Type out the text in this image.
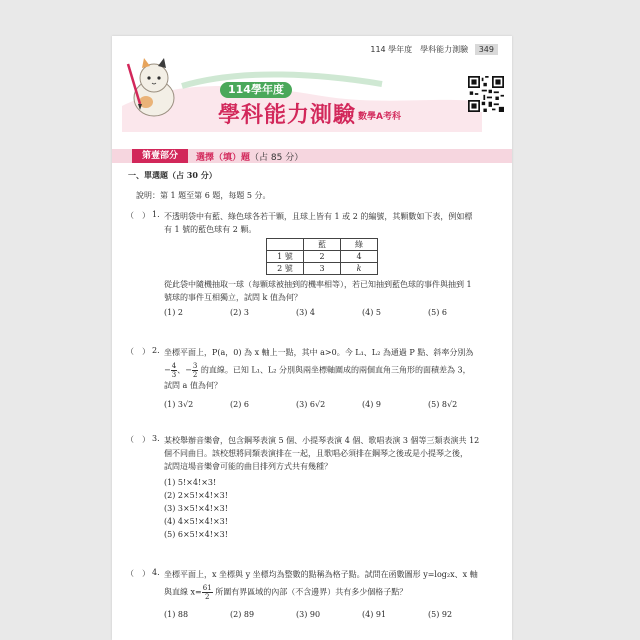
114 學年度　學科能力測驗 349
114學年度
學科能力測驗 數學A考科
第壹部分	選擇（填）題（占 85 分）
一、單選題（占 30 分）
說明：第 1 題至第 6 題，每題 5 分。
（　） 1. 不透明袋中有藍、綠色球各若干顆，且球上皆有 1 或 2 的編號，其顆數如下表，例如標
有 1 號的藍色球有 2 顆。
	藍	綠
1 號	2	4
2 號	3	k
從此袋中隨機抽取一球（每顆球被抽到的機率相等），若已知抽到藍色球的事件與抽到 1
號球的事件互相獨立，試問 k 值為何？
(1) 2	(2) 3	(3) 4	(4) 5	(5) 6
（　） 2. 坐標平面上，P(a，0) 為 x 軸上一點，其中 a>0。今 L₁、L₂ 為通過 P 點、斜率分別為
− $\frac{4}{3}$ 、− $\frac{3}{2}$ 的直線。已知 L₁、L₂ 分別與兩坐標軸圍成的兩個直角三角形的面積差為 3，
試問 a 值為何？
(1) 3√2	(2) 6	(3) 6√2	(4) 9	(5) 8√2
（　） 3. 某校舉辦音樂會，包含鋼琴表演 5 個、小提琴表演 4 個、歌唱表演 3 個等三類表演共 12
個不同曲目。該校想將同類表演排在一起，且歌唱必須排在鋼琴之後或是小提琴之後，
試問這場音樂會可能的曲目排列方式共有幾種？
(1) 5!×4!×3!
(2) 2×5!×4!×3!
(3) 3×5!×4!×3!
(4) 4×5!×4!×3!
(5) 6×5!×4!×3!
（　） 4. 坐標平面上，x 坐標與 y 坐標均為整數的點稱為格子點。試問在函數圖形 y=log₂x、x 軸
與直線 $x= \frac{61}{2}$ 所圍有界區域的內部（不含邊界）共有多少個格子點？
(1) 88	(2) 89	(3) 90	(4) 91	(5) 92
